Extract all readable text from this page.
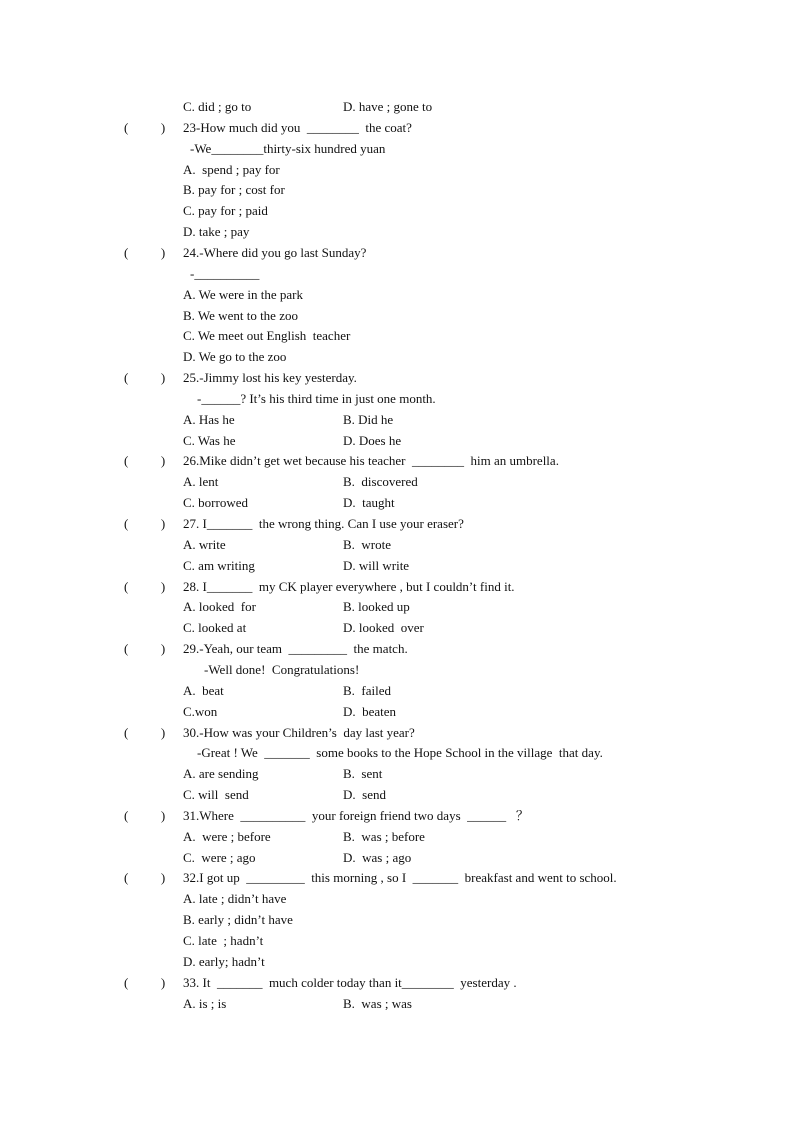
C. did ; go to	D. have ; gone to
(          ) 23-How much did you  ________  the coat?
-We________thirty-six hundred yuan
A.  spend ; pay for
B. pay for ; cost for
C. pay for ; paid
D. take ; pay
(          ) 24.-Where did you go last Sunday?
-__________
A. We were in the park
B. We went to the zoo
C. We meet out English  teacher
D. We go to the zoo
(          ) 25.-Jimmy lost his key yesterday.
-______? It’s his third time in just one month.
A. Has he	B. Did he
C. Was he	D. Does he
(          ) 26.Mike didn’t get wet because his teacher  ________  him an umbrella.
A. lent	B.  discovered
C. borrowed	D.  taught
(          ) 27. I_______  the wrong thing. Can I use your eraser?
A. write	B.  wrote
C. am writing	D. will write
(          ) 28. I_______  my CK player everywhere , but I couldn’t find it.
A. looked  for	B. looked up
C. looked at	D. looked  over
(          ) 29.-Yeah, our team  _________  the match.
-Well done!  Congratulations!
A.  beat	B.  failed
C.won	D.  beaten
(          ) 30.-How was your Children’s  day last year?
-Great ! We  _______  some books to the Hope School in the village  that day.
A. are sending	B.  sent
C. will  send	D.  send
(          ) 31.Where  __________  your foreign friend two days  ______   ？
A.  were ; before	B.  was ; before
C.  were ; ago	D.  was ; ago
(          ) 32.I got up  _________  this morning , so I  _______  breakfast and went to school.
A. late ; didn’t have
B. early ; didn’t have
C. late  ; hadn’t
D. early; hadn’t
(          ) 33. It  _______  much colder today than it________  yesterday .
A. is ; is	B.  was ; was
